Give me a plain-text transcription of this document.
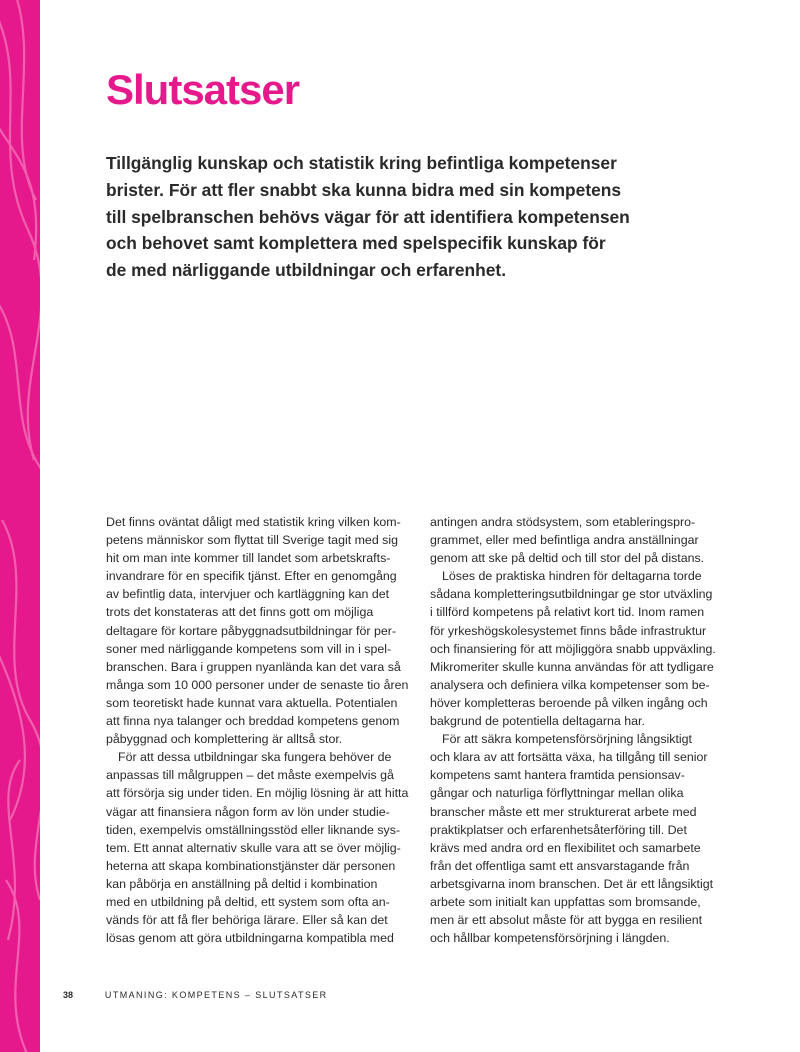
Slutsatser
Tillgänglig kunskap och statistik kring befintliga kompetenser
brister. För att fler snabbt ska kunna bidra med sin kompetens
till spelbranschen behövs vägar för att identifiera kompetensen
och behovet samt komplettera med spelspecifik kunskap för
de med närliggande utbildningar och erfarenhet.
Det finns oväntat dåligt med statistik kring vilken kom-
petens människor som flyttat till Sverige tagit med sig
hit om man inte kommer till landet som arbetskrafts-
invandrare för en specifik tjänst. Efter en genomgång
av befintlig data, intervjuer och kartläggning kan det
trots det konstateras att det finns gott om möjliga
deltagare för kortare påbyggnadsutbildningar för per-
soner med närliggande kompetens som vill in i spel-
branschen. Bara i gruppen nyanlända kan det vara så
många som 10 000 personer under de senaste tio åren
som teoretiskt hade kunnat vara aktuella. Potentialen
att finna nya talanger och breddad kompetens genom
påbyggnad och komplettering är alltså stor.
För att dessa utbildningar ska fungera behöver de
anpassas till målgruppen – det måste exempelvis gå
att försörja sig under tiden. En möjlig lösning är att hitta
vägar att finansiera någon form av lön under studie-
tiden, exempelvis omställningsstöd eller liknande sys-
tem. Ett annat alternativ skulle vara att se över möjlig-
heterna att skapa kombinationstjänster där personen
kan påbörja en anställning på deltid i kombination
med en utbildning på deltid, ett system som ofta an-
vänds för att få fler behöriga lärare. Eller så kan det
lösas genom att göra utbildningarna kompatibla med
antingen andra stödsystem, som etableringspro-
grammet, eller med befintliga andra anställningar
genom att ske på deltid och till stor del på distans.
Löses de praktiska hindren för deltagarna torde
sådana kompletteringsutbildningar ge stor utväxling
i tillförd kompetens på relativt kort tid. Inom ramen
för yrkeshögskolesystemet finns både infrastruktur
och finansiering för att möjliggöra snabb uppväxling.
Mikromeriter skulle kunna användas för att tydligare
analysera och definiera vilka kompetenser som be-
höver kompletteras beroende på vilken ingång och
bakgrund de potentiella deltagarna har.
För att säkra kompetensförsörjning långsiktigt
och klara av att fortsätta växa, ha tillgång till senior
kompetens samt hantera framtida pensionsav-
gångar och naturliga förflyttningar mellan olika
branscher måste ett mer strukturerat arbete med
praktikplatser och erfarenhetsåterföring till. Det
krävs med andra ord en flexibilitet och samarbete
från det offentliga samt ett ansvarstagande från
arbetsgivarna inom branschen. Det är ett långsiktigt
arbete som initialt kan uppfattas som bromsande,
men är ett absolut måste för att bygga en resilient
och hållbar kompetensförsörjning i längden.
38	UTMANING: KOMPETENS – SLUTSATSER
